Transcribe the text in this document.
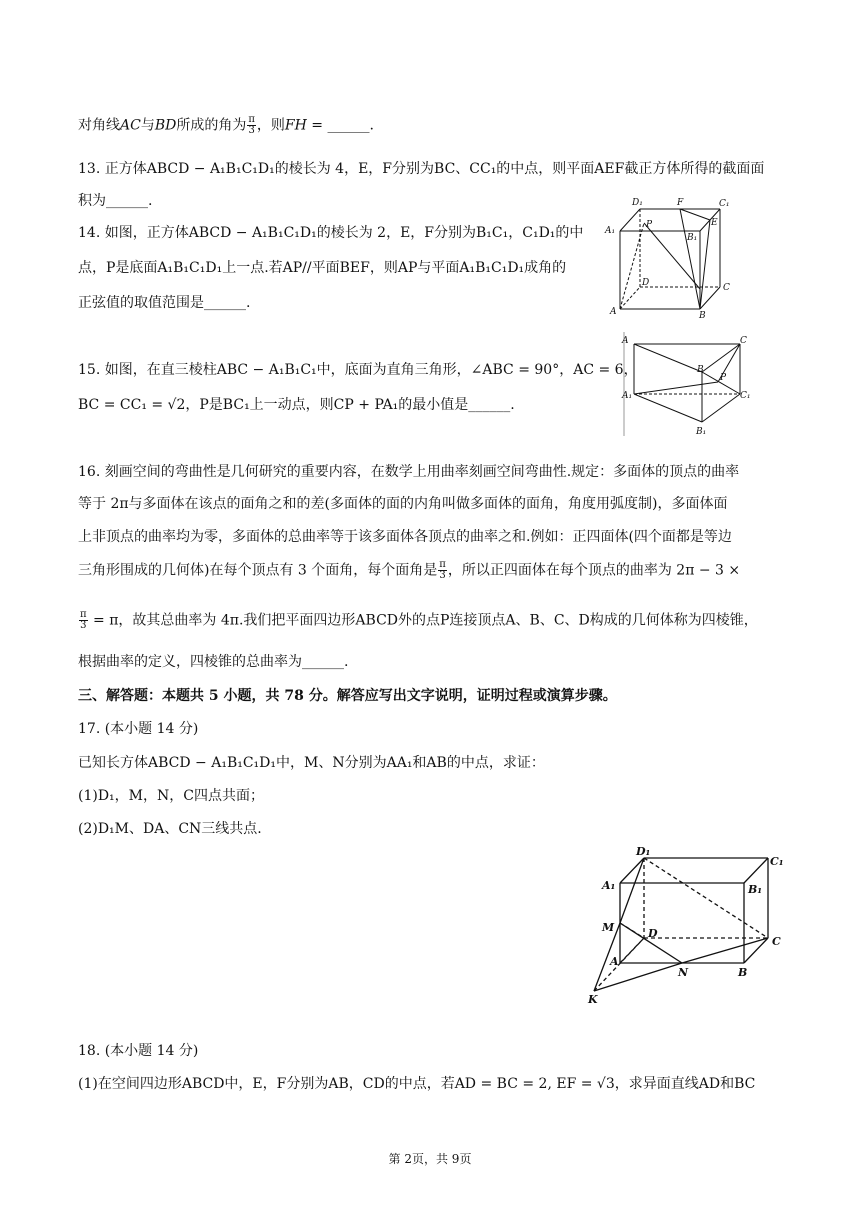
对角线AC与BD所成的角为 $\frac{\pi}{3}$ ，则FH = ______.
13. 正方体ABCD − A₁B₁C₁D₁的棱长为 4，E，F分别为BC、CC₁的中点，则平面AEF截正方体所得的截面面
积为______.
14. 如图，正方体ABCD − A₁B₁C₁D₁的棱长为 2，E，F分别为B₁C₁，C₁D₁的中
点，P是底面A₁B₁C₁D₁上一点.若AP//平面BEF，则AP与平面A₁B₁C₁D₁成角的
正弦值的取值范围是______.
D₁	F	C₁
A₁
P
B₁
E
D	C
A	B
15. 如图，在直三棱柱ABC − A₁B₁C₁中，底面为直角三角形，∠ABC = 90°，AC = 6，
BC = CC₁ = √2，P是BC₁上一动点，则CP + PA₁的最小值是______.
A	C
B
P
A₁	C₁
B₁
16. 刻画空间的弯曲性是几何研究的重要内容，在数学上用曲率刻画空间弯曲性.规定：多面体的顶点的曲率
等于 2π与多面体在该点的面角之和的差(多面体的面的内角叫做多面体的面角，角度用弧度制)，多面体面
上非顶点的曲率均为零，多面体的总曲率等于该多面体各顶点的曲率之和.例如：正四面体(四个面都是等边
三角形围成的几何体)在每个顶点有 3 个面角，每个面角是 $\frac{\pi}{3}$ ，所以正四面体在每个顶点的曲率为 2π − 3 ×
$\frac{\pi}{3} = \pi$，故其总曲率为 4π.我们把平面四边形ABCD外的点P连接顶点A、B、C、D构成的几何体称为四棱锥，
根据曲率的定义，四棱锥的总曲率为______.
三、解答题：本题共 5 小题，共 78 分。解答应写出文字说明，证明过程或演算步骤。
17. (本小题 14 分)
已知长方体ABCD − A₁B₁C₁D₁中，M、N分别为AA₁和AB的中点，求证：
(1)D₁，M，N，C四点共面；
(2)D₁M、DA、CN三线共点.
D₁
C₁
A₁	B₁
M	D
C
A
N	B
K
18. (本小题 14 分)
(1)在空间四边形ABCD中，E，F分别为AB，CD的中点，若AD = BC = 2, EF = √3，求异面直线AD和BC
第 2页，共 9页
